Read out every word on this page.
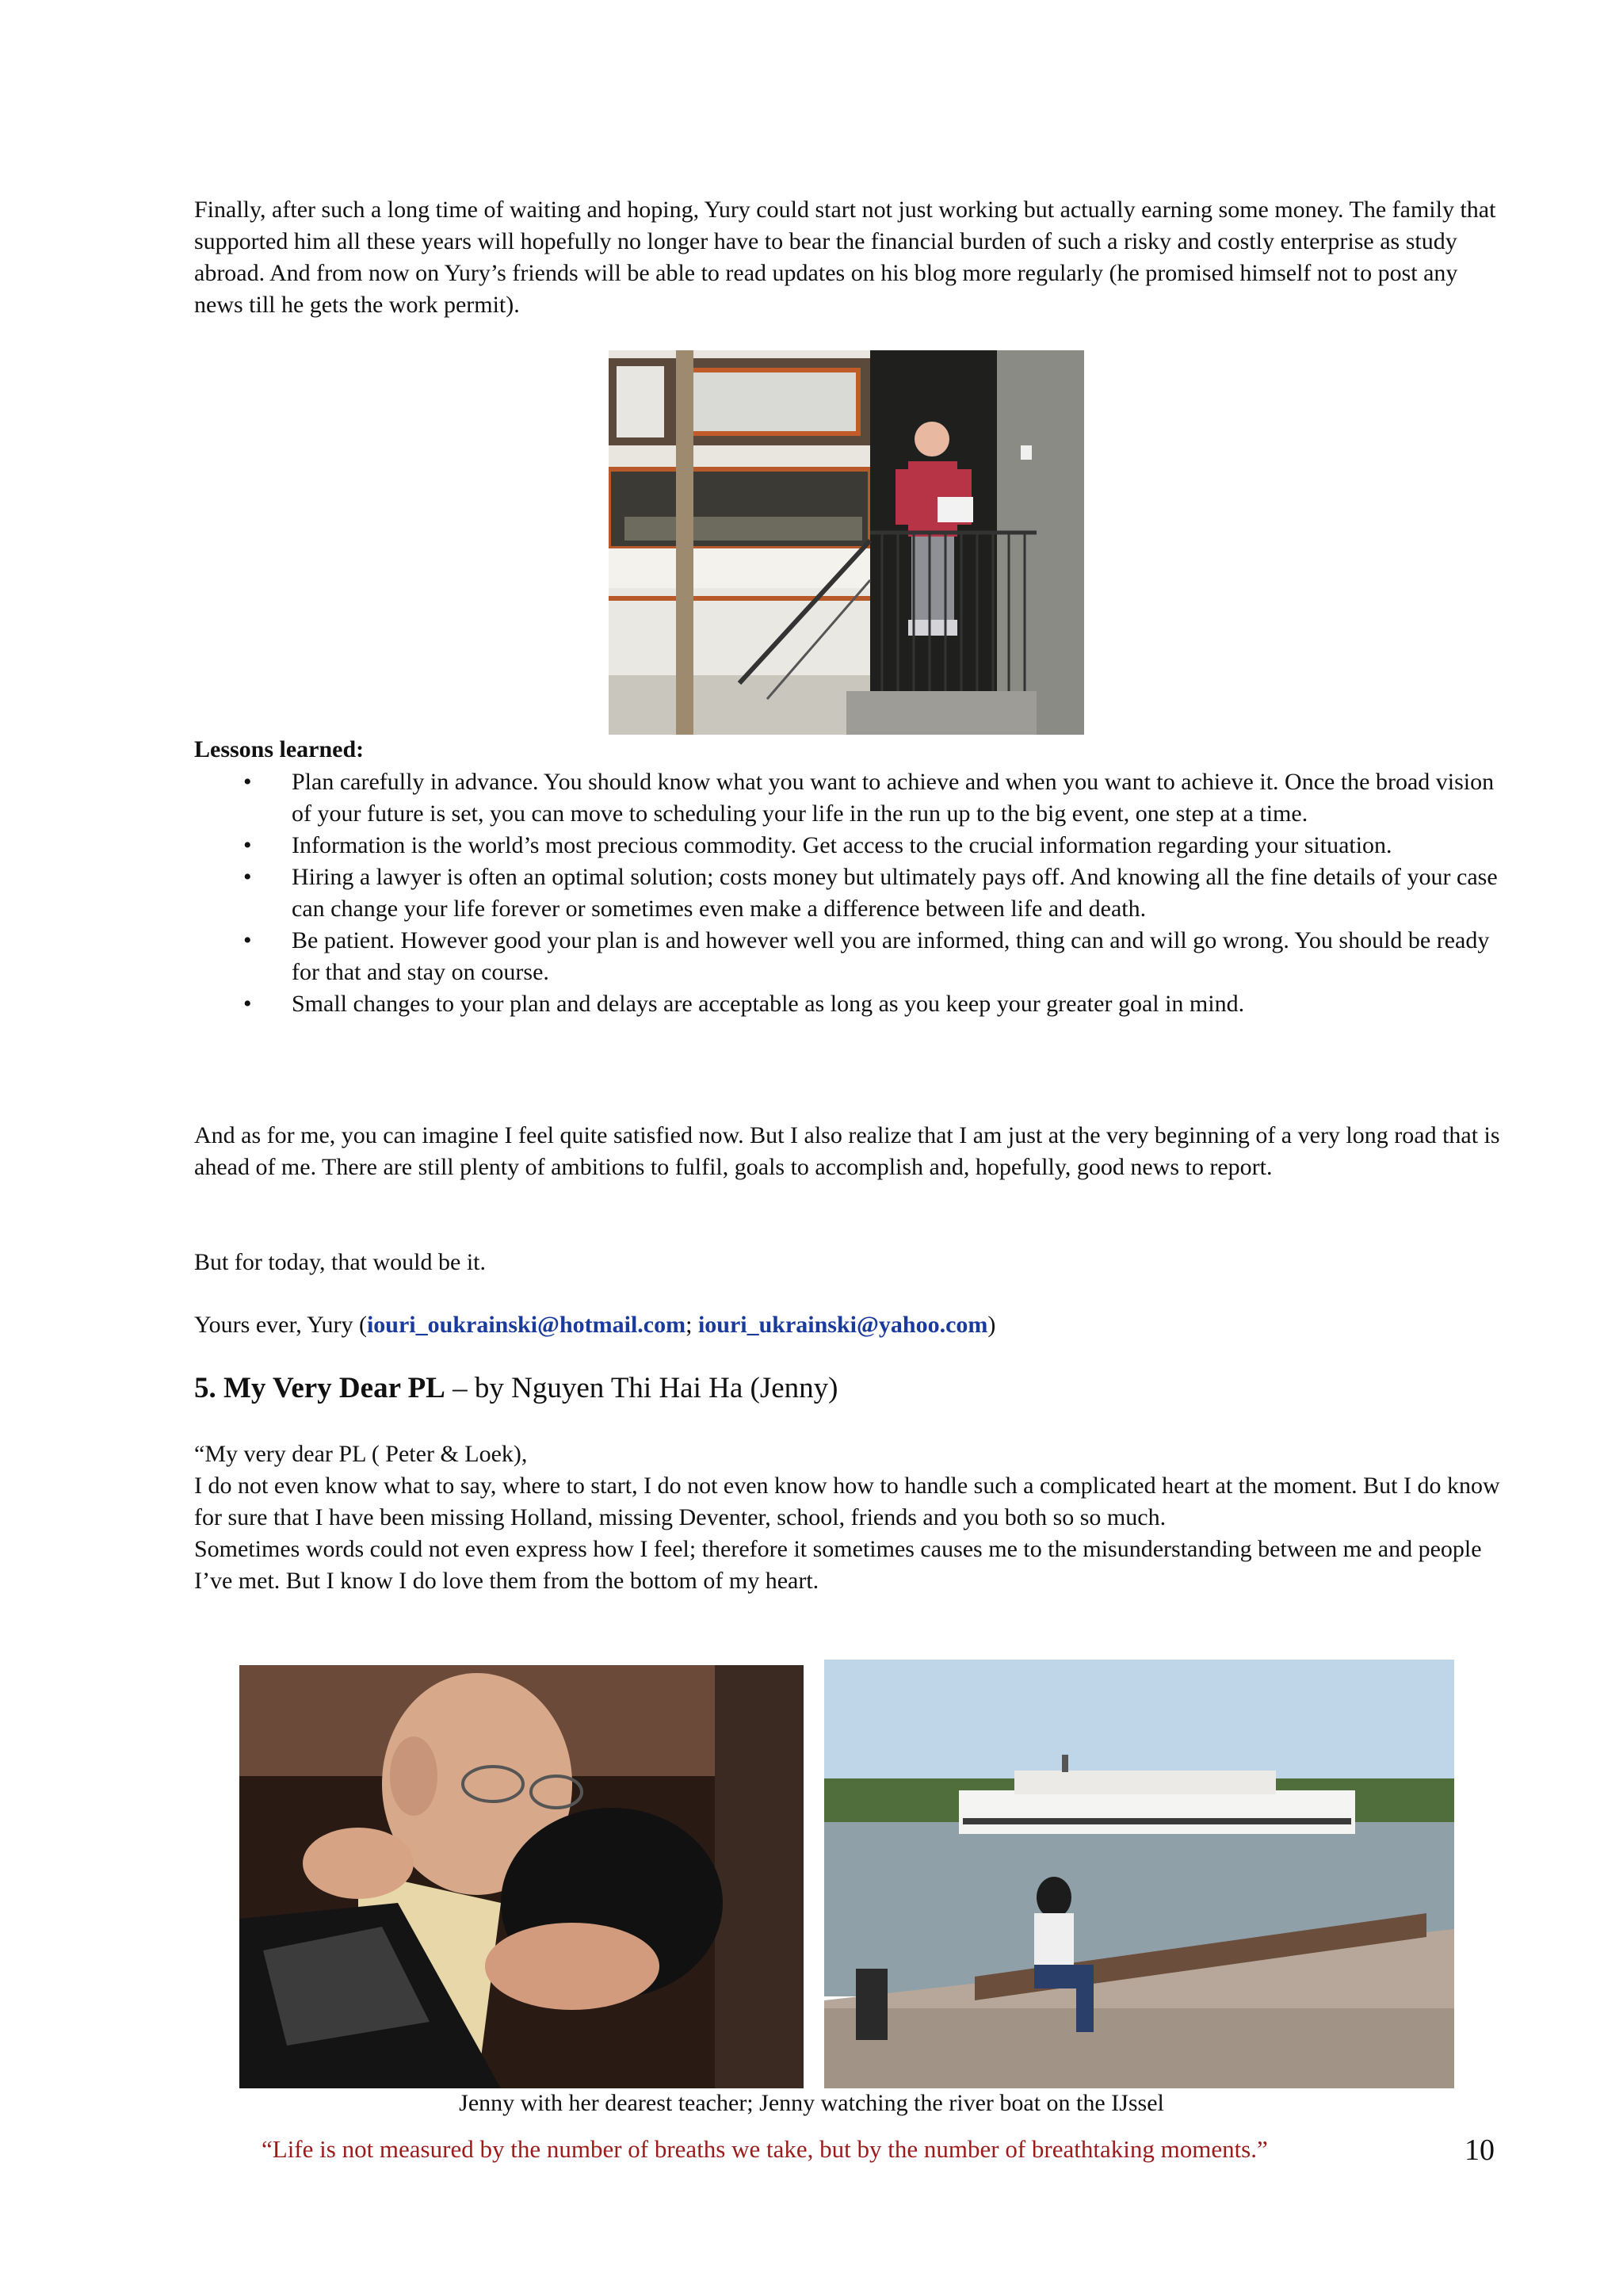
Finally, after such a long time of waiting and hoping, Yury could start not just working but actually earning some money. The family that supported him all these years will hopefully no longer have to bear the financial burden of such a risky and costly enterprise as study abroad. And from now on Yury’s friends will be able to read updates on his blog more regularly (he promised himself not to post any news till he gets the work permit).

Lessons learned:
• Plan carefully in advance. You should know what you want to achieve and when you want to achieve it. Once the broad vision of your future is set, you can move to scheduling your life in the run up to the big event, one step at a time.
• Information is the world’s most precious commodity. Get access to the crucial information regarding your situation.
• Hiring a lawyer is often an optimal solution; costs money but ultimately pays off. And knowing all the fine details of your case can change your life forever or sometimes even make a difference between life and death.
• Be patient. However good your plan is and however well you are informed, thing can and will go wrong. You should be ready for that and stay on course.
• Small changes to your plan and delays are acceptable as long as you keep your greater goal in mind.

And as for me, you can imagine I feel quite satisfied now. But I also realize that I am just at the very beginning of a very long road that is ahead of me. There are still plenty of ambitions to fulfil, goals to accomplish and, hopefully, good news to report.

But for today, that would be it.
Yours ever, Yury (iouri_oukrainski@hotmail.com; iouri_ukrainski@yahoo.com)
5. My Very Dear PL – by Nguyen Thi Hai Ha (Jenny)

“My very dear PL ( Peter & Loek),

I do not even know what to say, where to start, I do not even know how to handle such a complicated heart at the moment. But I do know for sure that I have been missing Holland, missing Deventer, school, friends and you both so so much.

Sometimes words could not even express how I feel; therefore it sometimes causes me to the misunderstanding between me and people I’ve met. But I know I do love them from the bottom of my heart.

Jenny with her dearest teacher; Jenny watching the river boat on the IJssel
“Life is not measured by the number of breaths we take, but by the number of breathtaking moments.”	10
